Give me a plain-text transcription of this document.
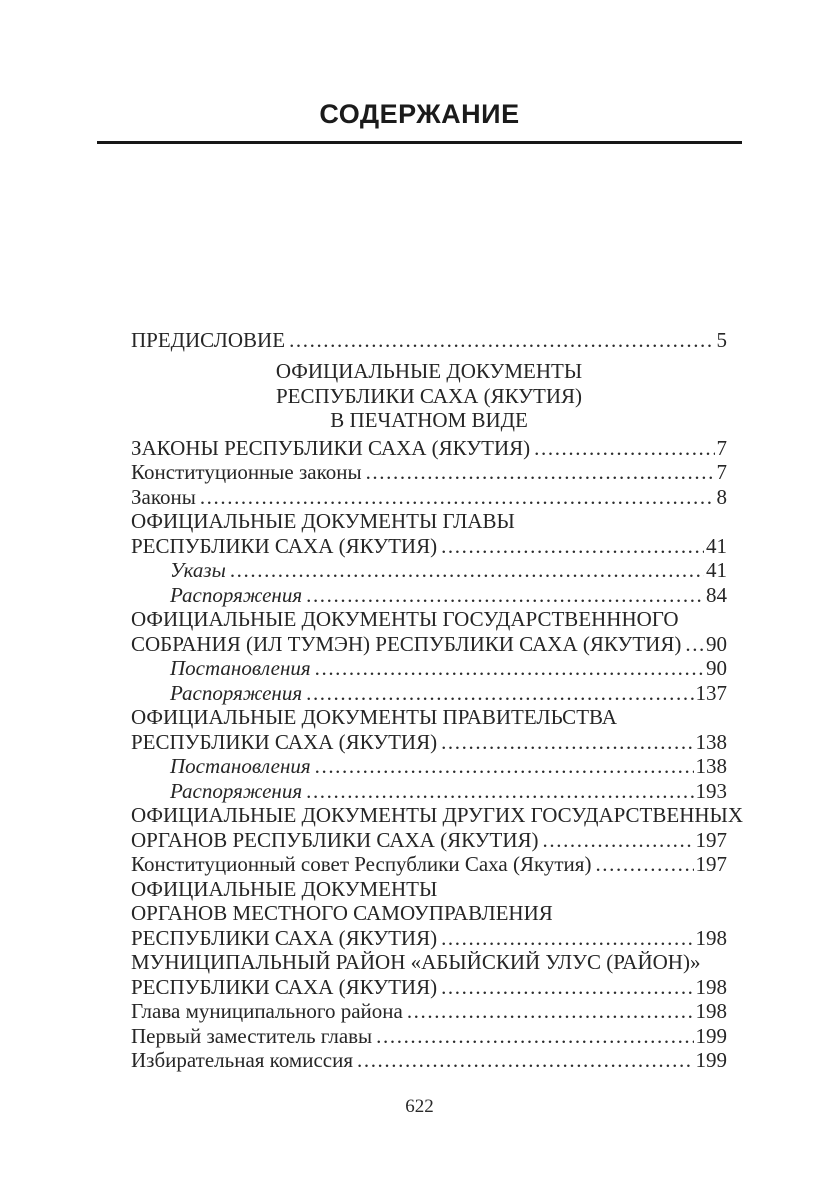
СОДЕРЖАНИЕ
ПРЕДИСЛОВИЕ .....	5
ОФИЦИАЛЬНЫЕ ДОКУМЕНТЫ
РЕСПУБЛИКИ САХА (ЯКУТИЯ)
В ПЕЧАТНОМ ВИДЕ
ЗАКОНЫ РЕСПУБЛИКИ САХА (ЯКУТИЯ) .....	7
Конституционные законы .....	7
Законы .....	8
ОФИЦИАЛЬНЫЕ ДОКУМЕНТЫ ГЛАВЫ
РЕСПУБЛИКИ САХА (ЯКУТИЯ) .....	41
Указы .....	41
Распоряжения .....	84
ОФИЦИАЛЬНЫЕ ДОКУМЕНТЫ ГОСУДАРСТВЕНННОГО
СОБРАНИЯ (ИЛ ТУМЭН) РЕСПУБЛИКИ САХА (ЯКУТИЯ) ..... 90
Постановления .....	90
Распоряжения .....	137
ОФИЦИАЛЬНЫЕ ДОКУМЕНТЫ ПРАВИТЕЛЬСТВА
РЕСПУБЛИКИ САХА (ЯКУТИЯ) .....	138
Постановления .....	138
Распоряжения .....	193
ОФИЦИАЛЬНЫЕ ДОКУМЕНТЫ ДРУГИХ ГОСУДАРСТВЕННЫХ
ОРГАНОВ РЕСПУБЛИКИ САХА (ЯКУТИЯ) .....	197
Конституционный совет Республики Саха (Якутия) .....	197
ОФИЦИАЛЬНЫЕ ДОКУМЕНТЫ
ОРГАНОВ МЕСТНОГО САМОУПРАВЛЕНИЯ
РЕСПУБЛИКИ САХА (ЯКУТИЯ) .....	198
МУНИЦИПАЛЬНЫЙ РАЙОН «АБЫЙСКИЙ УЛУС (РАЙОН)»
РЕСПУБЛИКИ САХА (ЯКУТИЯ) .....	198
Глава муниципального района .....	198
Первый заместитель главы .....	199
Избирательная комиссия .....	199
622
